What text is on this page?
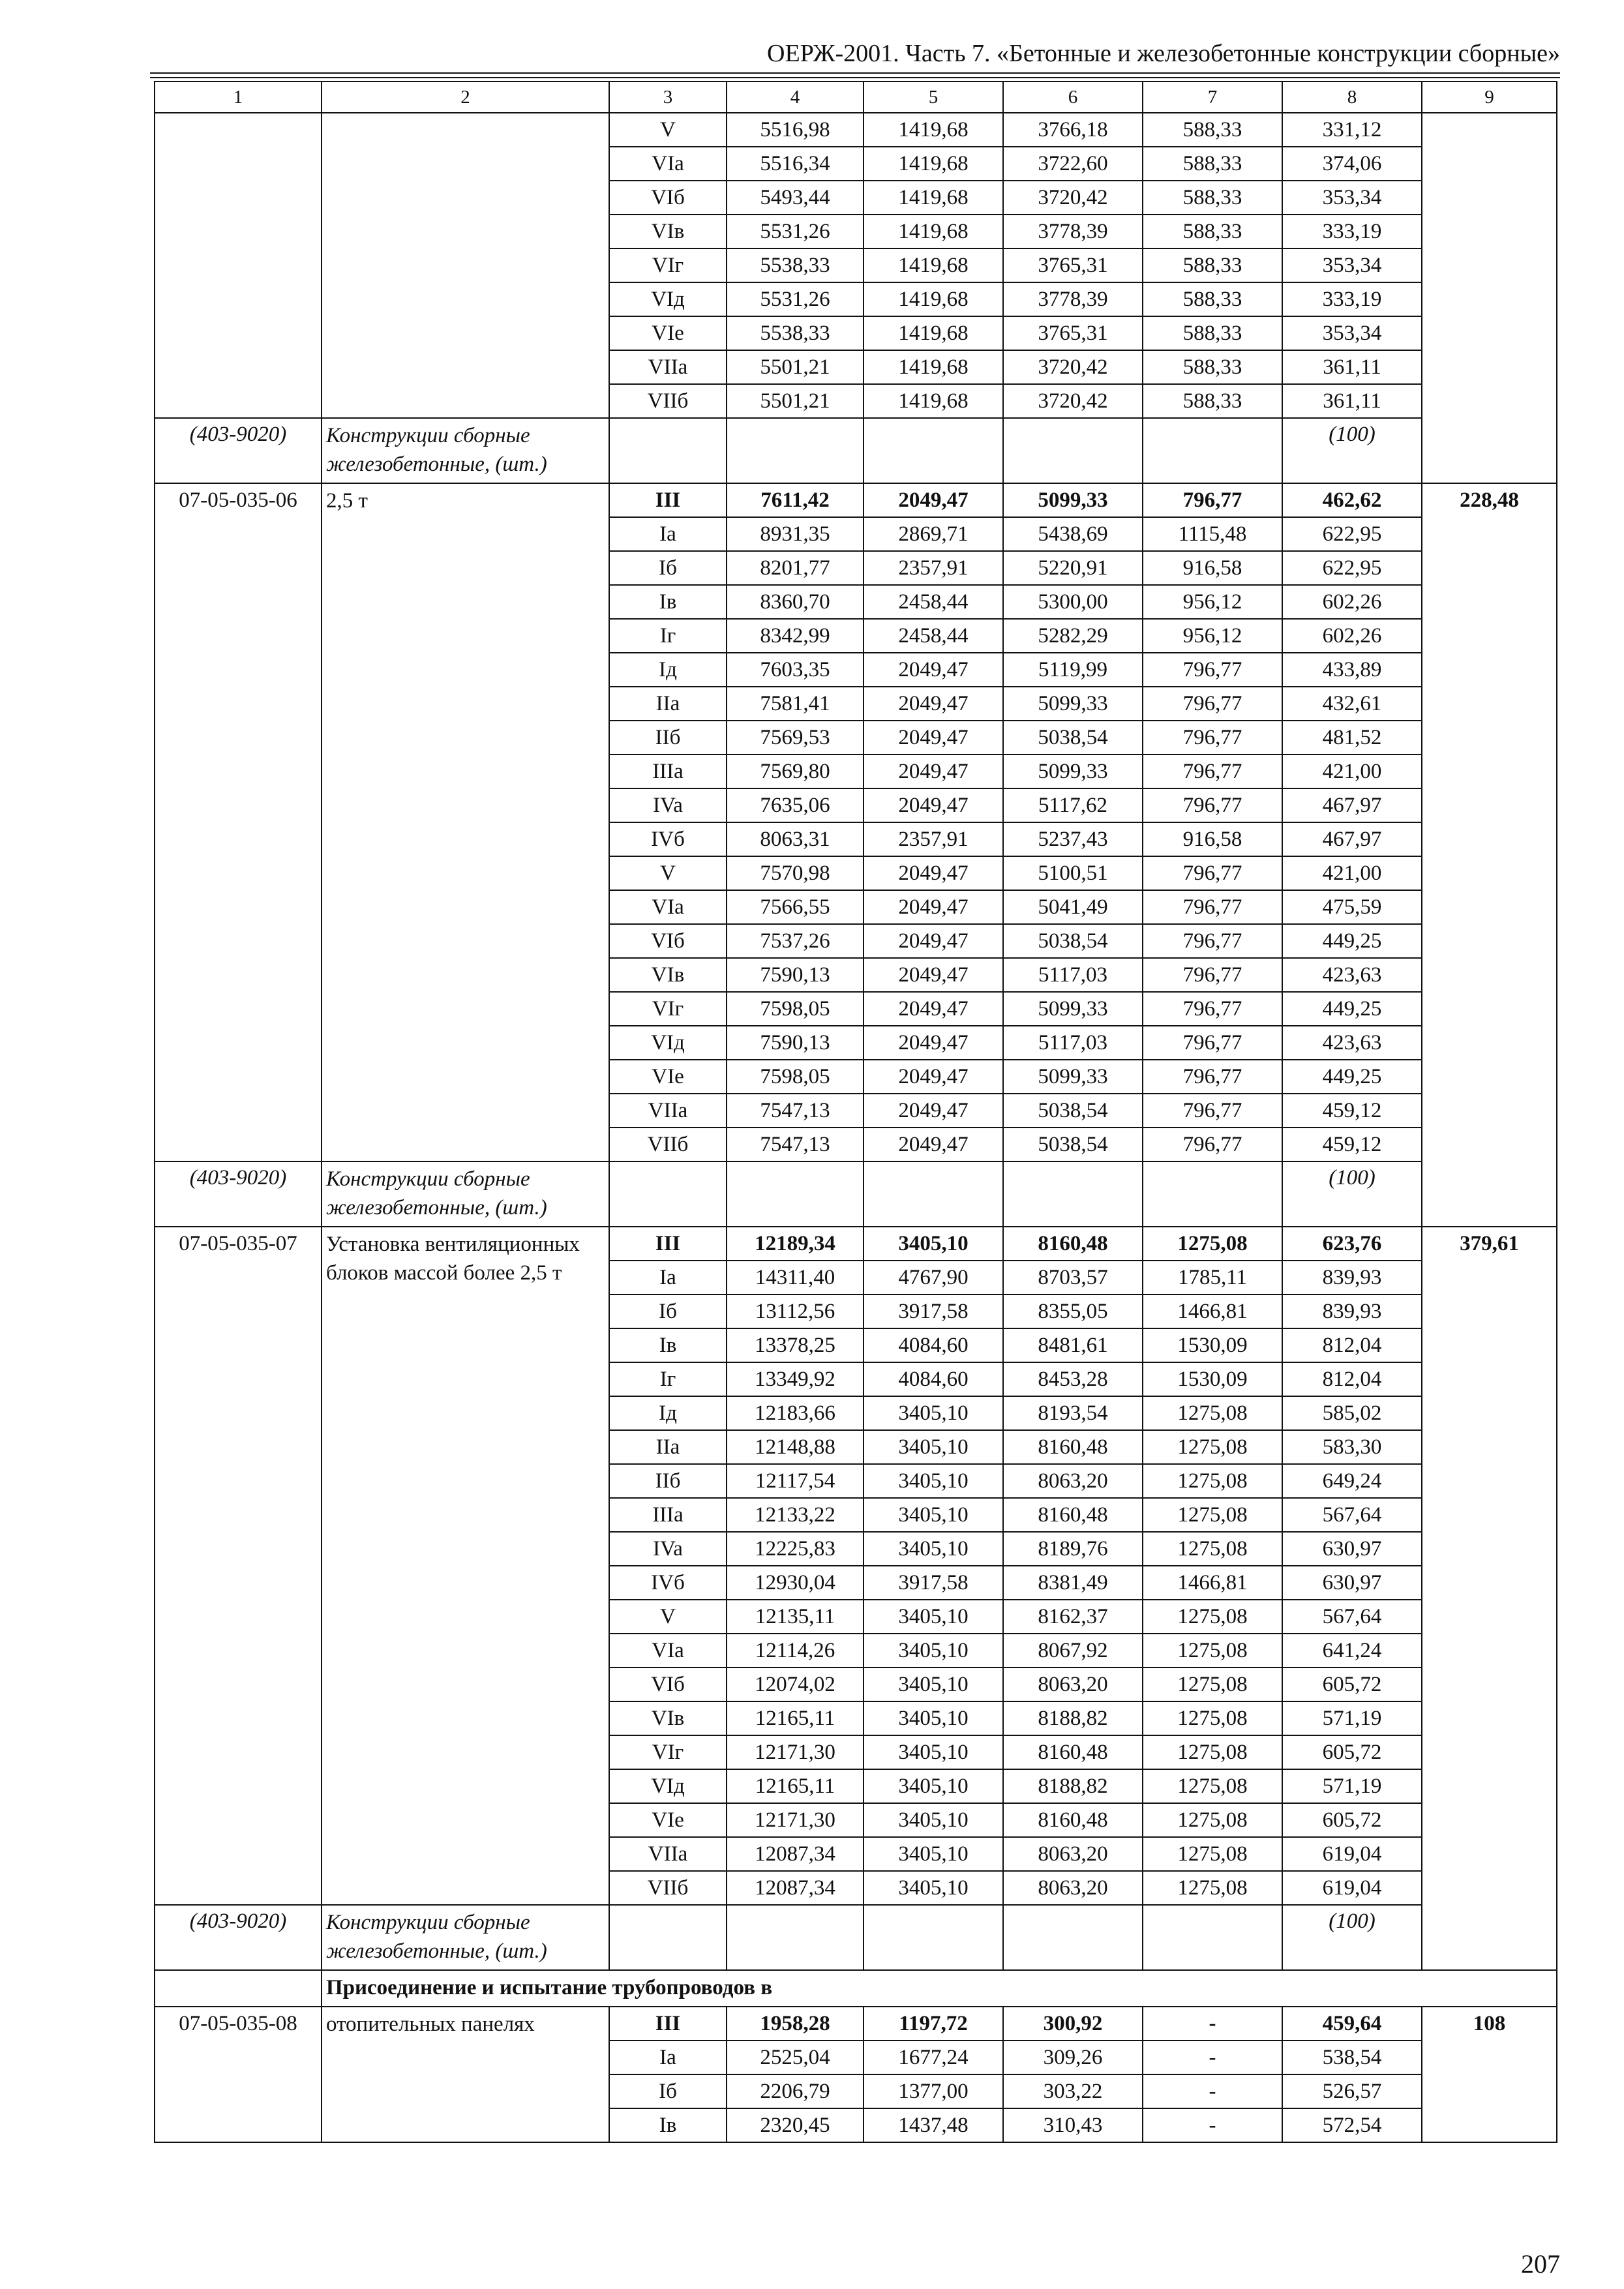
ОЕРЖ-2001. Часть 7. «Бетонные и железобетонные конструкции сборные»
1	2	3	4	5	6	7	8	9
		V	5516,98	1419,68	3766,18	588,33	331,12	
		VIa	5516,34	1419,68	3722,60	588,33	374,06	
		VIб	5493,44	1419,68	3720,42	588,33	353,34	
		VIв	5531,26	1419,68	3778,39	588,33	333,19	
		VIг	5538,33	1419,68	3765,31	588,33	353,34	
		VIд	5531,26	1419,68	3778,39	588,33	333,19	
		VIе	5538,33	1419,68	3765,31	588,33	353,34	
		VIIa	5501,21	1419,68	3720,42	588,33	361,11	
		VIIб	5501,21	1419,68	3720,42	588,33	361,11	
(403-9020)	Конструкции сборные железобетонные, (шт.)						(100)	
07-05-035-06	2,5 т	III	7611,42	2049,47	5099,33	796,77	462,62	228,48
		Ia	8931,35	2869,71	5438,69	1115,48	622,95	
		Iб	8201,77	2357,91	5220,91	916,58	622,95	
		Iв	8360,70	2458,44	5300,00	956,12	602,26	
		Iг	8342,99	2458,44	5282,29	956,12	602,26	
		Iд	7603,35	2049,47	5119,99	796,77	433,89	
		IIa	7581,41	2049,47	5099,33	796,77	432,61	
		IIб	7569,53	2049,47	5038,54	796,77	481,52	
		IIIa	7569,80	2049,47	5099,33	796,77	421,00	
		IVa	7635,06	2049,47	5117,62	796,77	467,97	
		IVб	8063,31	2357,91	5237,43	916,58	467,97	
		V	7570,98	2049,47	5100,51	796,77	421,00	
		VIa	7566,55	2049,47	5041,49	796,77	475,59	
		VIб	7537,26	2049,47	5038,54	796,77	449,25	
		VIв	7590,13	2049,47	5117,03	796,77	423,63	
		VIг	7598,05	2049,47	5099,33	796,77	449,25	
		VIд	7590,13	2049,47	5117,03	796,77	423,63	
		VIе	7598,05	2049,47	5099,33	796,77	449,25	
		VIIa	7547,13	2049,47	5038,54	796,77	459,12	
		VIIб	7547,13	2049,47	5038,54	796,77	459,12	
(403-9020)	Конструкции сборные железобетонные, (шт.)						(100)	
07-05-035-07	Установка вентиляционных блоков массой более 2,5 т	III	12189,34	3405,10	8160,48	1275,08	623,76	379,61
		Ia	14311,40	4767,90	8703,57	1785,11	839,93	
		Iб	13112,56	3917,58	8355,05	1466,81	839,93	
		Iв	13378,25	4084,60	8481,61	1530,09	812,04	
		Iг	13349,92	4084,60	8453,28	1530,09	812,04	
		Iд	12183,66	3405,10	8193,54	1275,08	585,02	
		IIa	12148,88	3405,10	8160,48	1275,08	583,30	
		IIб	12117,54	3405,10	8063,20	1275,08	649,24	
		IIIa	12133,22	3405,10	8160,48	1275,08	567,64	
		IVa	12225,83	3405,10	8189,76	1275,08	630,97	
		IVб	12930,04	3917,58	8381,49	1466,81	630,97	
		V	12135,11	3405,10	8162,37	1275,08	567,64	
		VIa	12114,26	3405,10	8067,92	1275,08	641,24	
		VIб	12074,02	3405,10	8063,20	1275,08	605,72	
		VIв	12165,11	3405,10	8188,82	1275,08	571,19	
		VIг	12171,30	3405,10	8160,48	1275,08	605,72	
		VIд	12165,11	3405,10	8188,82	1275,08	571,19	
		VIе	12171,30	3405,10	8160,48	1275,08	605,72	
		VIIa	12087,34	3405,10	8063,20	1275,08	619,04	
		VIIб	12087,34	3405,10	8063,20	1275,08	619,04	
(403-9020)	Конструкции сборные железобетонные, (шт.)						(100)	
	Присоединение и испытание трубопроводов в							
07-05-035-08	отопительных панелях	III	1958,28	1197,72	300,92	-	459,64	108
		Ia	2525,04	1677,24	309,26	-	538,54	
		Iб	2206,79	1377,00	303,22	-	526,57	
		Iв	2320,45	1437,48	310,43	-	572,54	
207
